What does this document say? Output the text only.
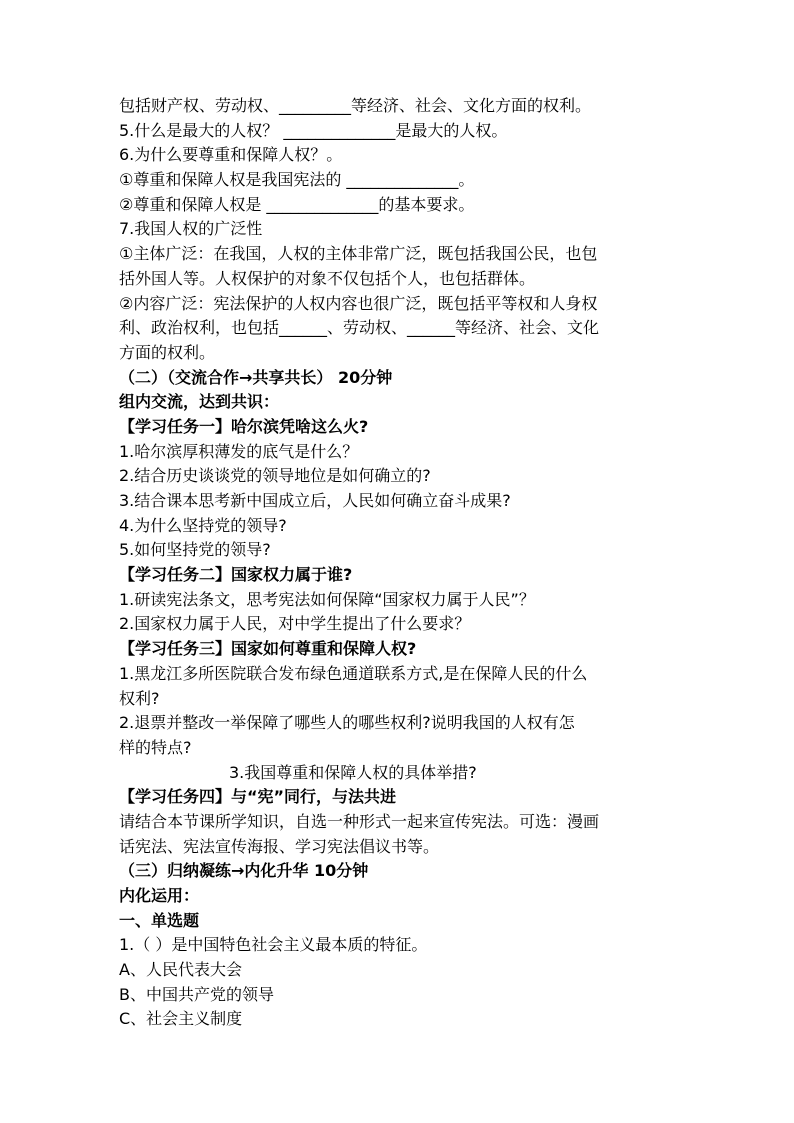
包括财产权、劳动权、_________等经济、社会、文化方面的权利。
5.什么是最大的人权？ ______________是最大的人权。
6.为什么要尊重和保障人权？。
①尊重和保障人权是我国宪法的 ______________。
②尊重和保障人权是 ______________的基本要求。
7.我国人权的广泛性
①主体广泛：在我国，人权的主体非常广泛，既包括我国公民，也包
括外国人等。人权保护的对象不仅包括个人，也包括群体。
②内容广泛：宪法保护的人权内容也很广泛，既包括平等权和人身权
利、政治权利，也包括______、劳动权、______等经济、社会、文化
方面的权利。
（二）（交流合作→共享共长） 20分钟
组内交流，达到共识：
【学习任务一】哈尔滨凭啥这么火?
1.哈尔滨厚积薄发的底气是什么？
2.结合历史谈谈党的领导地位是如何确立的?
3.结合课本思考新中国成立后，人民如何确立奋斗成果?
4.为什么坚持党的领导?
5.如何坚持党的领导?
【学习任务二】国家权力属于谁?
1.研读宪法条文，思考宪法如何保障“国家权力属于人民”？
2.国家权力属于人民，对中学生提出了什么要求？
【学习任务三】国家如何尊重和保障人权?
1.黑龙江多所医院联合发布绿色通道联系方式,是在保障人民的什么
权利?
2.退票并整改一举保障了哪些人的哪些权利?说明我国的人权有怎
样的特点?
3.我国尊重和保障人权的具体举措?
【学习任务四】与“宪”同行，与法共进
请结合本节课所学知识，自选一种形式一起来宣传宪法。可选：漫画
话宪法、宪法宣传海报、学习宪法倡议书等。
（三）归纳凝练→内化升华 10分钟
内化运用：
一、单选题
1.（ ）是中国特色社会主义最本质的特征。
A、人民代表大会
B、中国共产党的领导
C、社会主义制度
